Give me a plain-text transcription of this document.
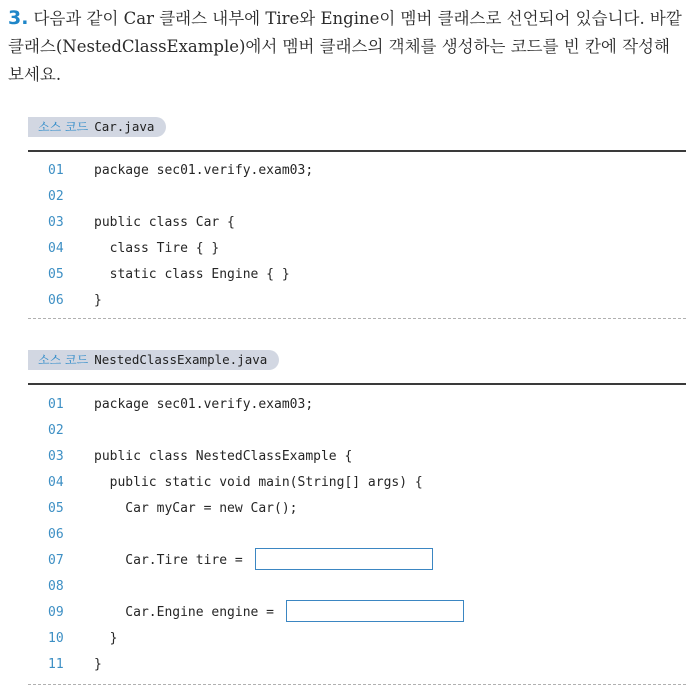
3. 다음과 같이 Car 클래스 내부에 Tire와 Engine이 멤버 클래스로 선언되어 있습니다. 바깥 클래스(NestedClassExample)에서 멤버 클래스의 객체를 생성하는 코드를 빈 칸에 작성해 보세요.
소스 코드 Car.java
01 package sec01.verify.exam03;
02
03 public class Car {
04  class Tire { }
05  static class Engine { }
06 }
소스 코드 NestedClassExample.java
01 package sec01.verify.exam03;
02
03 public class NestedClassExample {
04  public static void main(String[] args) {
05    Car myCar = new Car();
06
07    Car.Tire tire =
08
09    Car.Engine engine =
10  }
11 }
